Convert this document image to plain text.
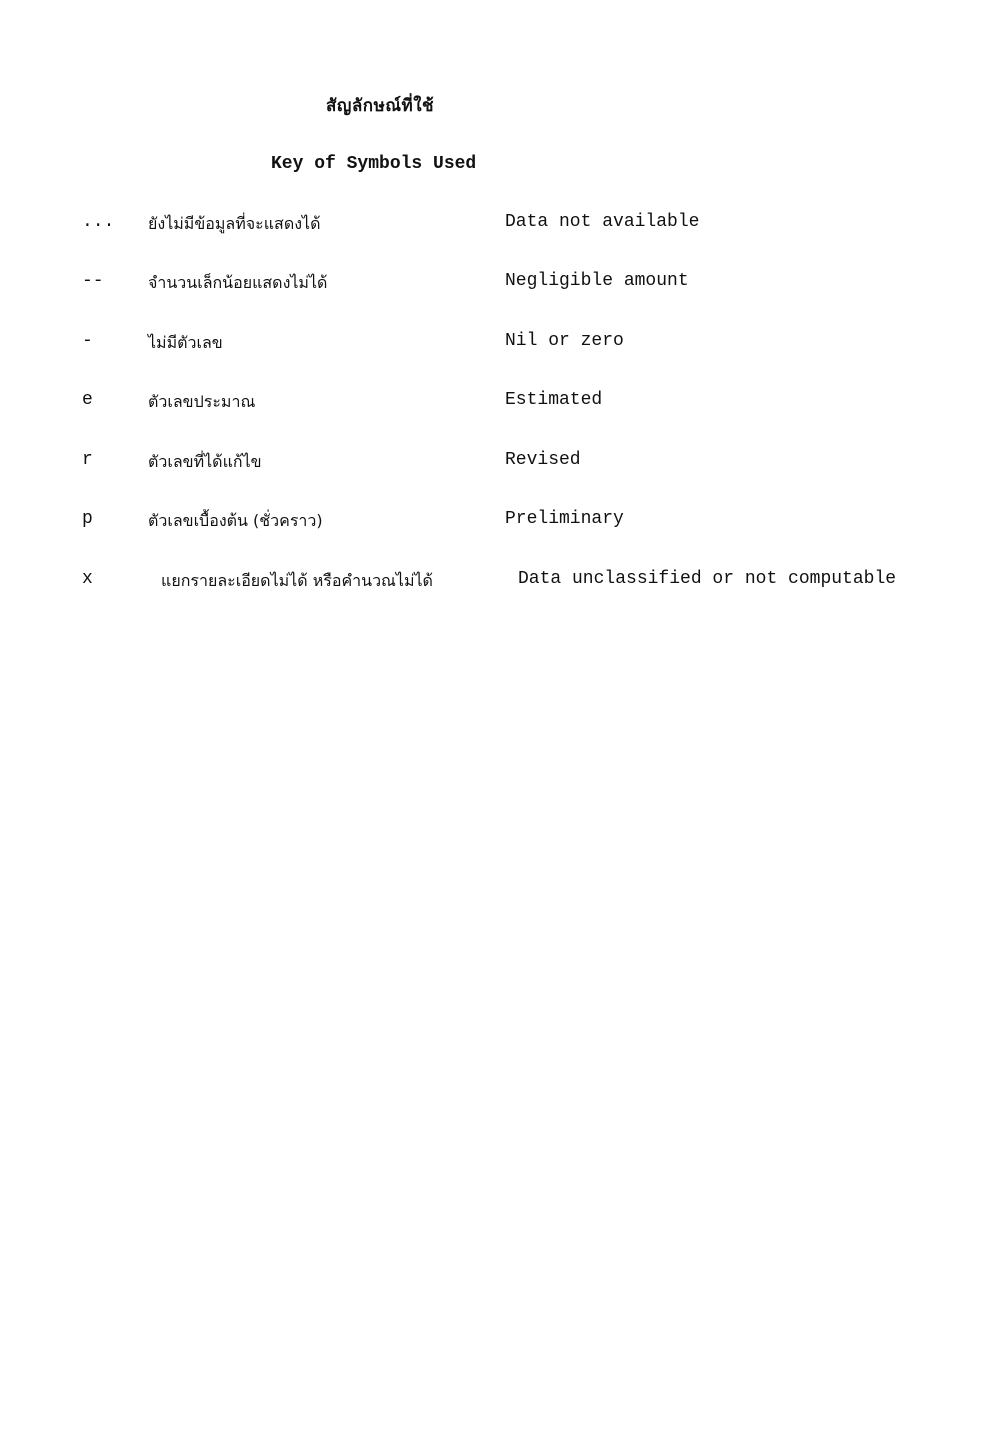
สัญลักษณ์ที่ใช้
Key of Symbols Used
... ยังไม่มีข้อมูลที่จะแสดงได้	Data not available
--	จำนวนเล็กน้อยแสดงไม่ได้	Negligible amount
-	ไม่มีตัวเลข	Nil or zero
e	ตัวเลขประมาณ	Estimated
r	ตัวเลขที่ได้แก้ไข	Revised
p	ตัวเลขเบื้องต้น (ชั่วคราว)	Preliminary
x	แยกรายละเอียดไม่ได้ หรือคำนวณไม่ได้	Data unclassified or not computable
